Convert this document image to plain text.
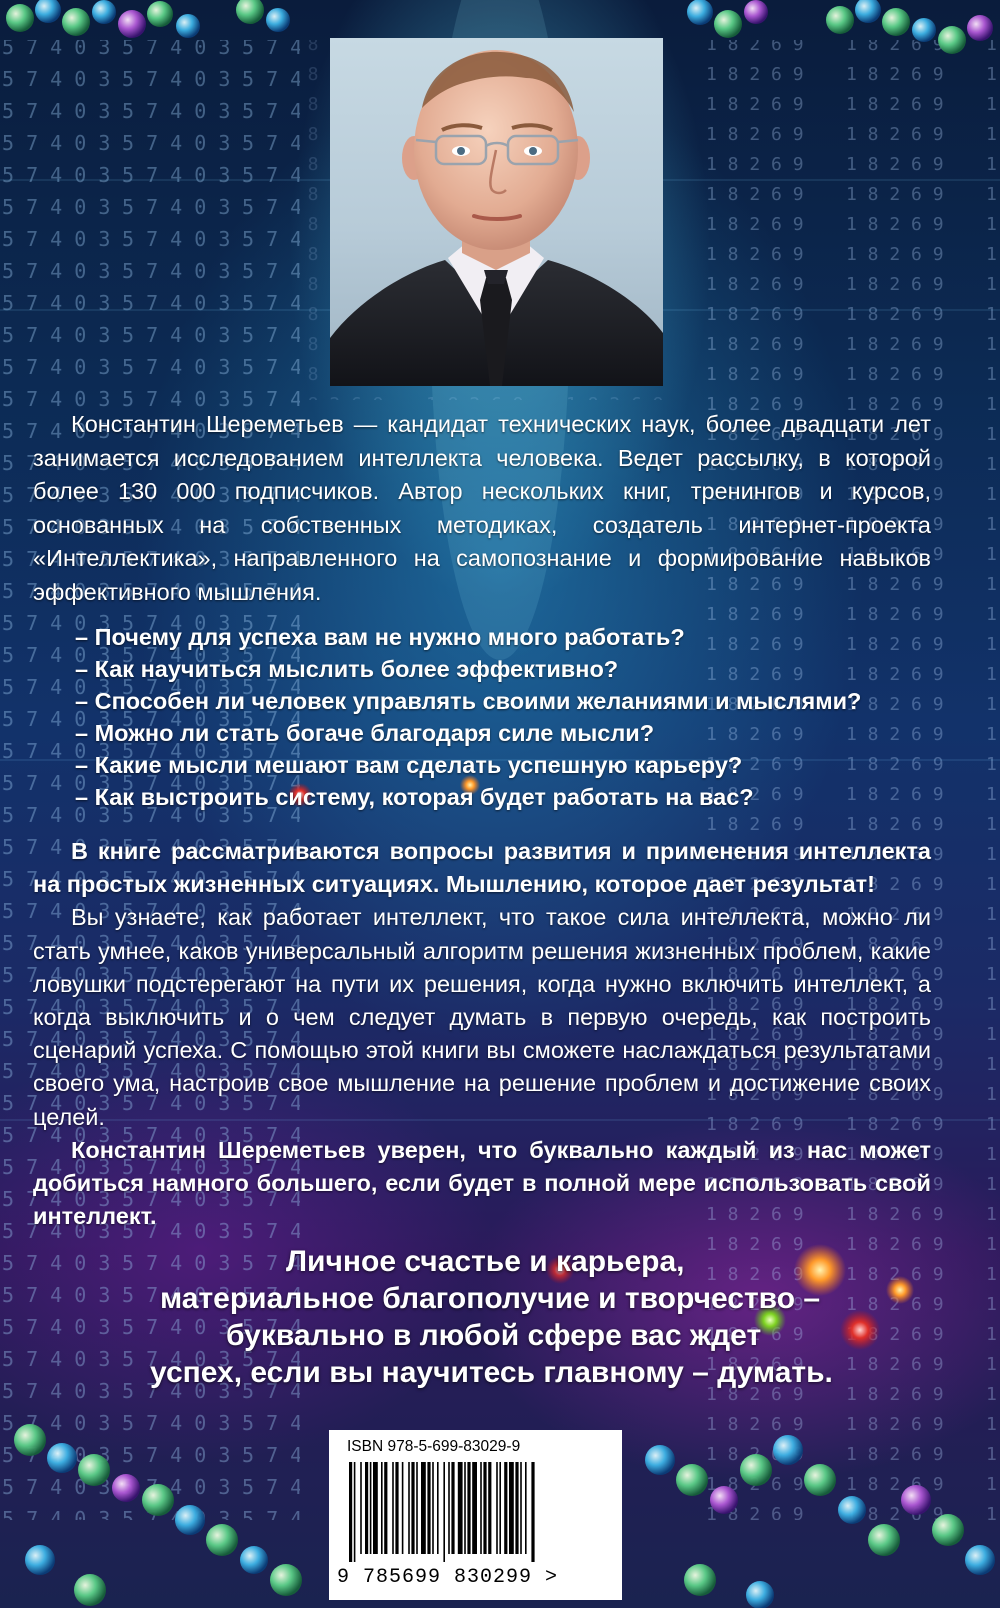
Константин Шереметьев — кандидат технических наук, более двадцати лет занимается исследованием интеллекта человека. Ведет рассылку, в которой более 130 000 подписчиков. Автор нескольких книг, тренингов и курсов, основанных на собственных методиках, создатель интернет-проекта «Интеллектика», направленного на самопознание и формирование навыков эффективного мышления.

– Почему для успеха вам не нужно много работать?
– Как научиться мыслить более эффективно?
– Способен ли человек управлять своими желаниями и мыслями?
– Можно ли стать богаче благодаря силе мысли?
– Какие мысли мешают вам сделать успешную карьеру?
– Как выстроить систему, которая будет работать на вас?

В книге рассматриваются вопросы развития и применения интеллекта на простых жизненных ситуациях. Мышлению, которое дает результат!

Вы узнаете, как работает интеллект, что такое сила интеллекта, можно ли стать умнее, каков универсальный алгоритм решения жизненных проблем, какие ловушки подстерегают на пути их решения, когда нужно включить интеллект, а когда выключить и о чем следует думать в первую очередь, как построить сценарий успеха. С помощью этой книги вы сможете наслаждаться результатами своего ума, настроив свое мышление на решение проблем и достижение своих целей.

Константин Шереметьев уверен, что буквально каждый из нас может добиться намного большего, если будет в полной мере использовать свой интеллект.

Личное счастье и карьера,
материальное благополучие и творчество –
буквально в любой сфере вас ждет
успех, если вы научитесь главному – думать.
ISBN 978-5-699-83029-9
9 785699 830299 >
